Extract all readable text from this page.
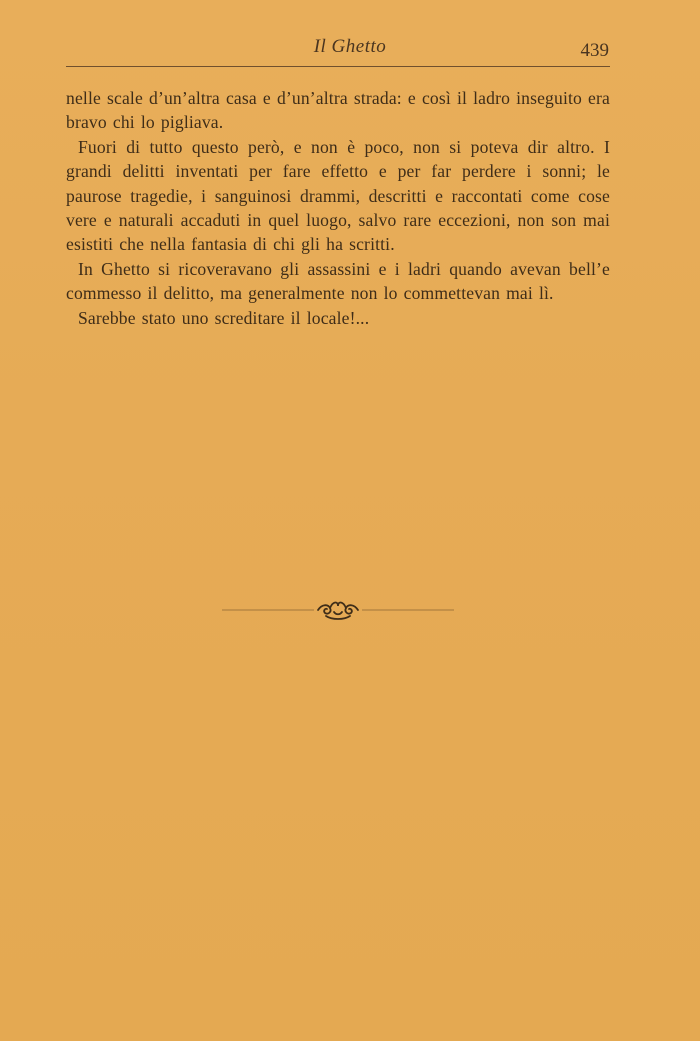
Il Ghetto	439

nelle scale d’un’altra casa e d’un’altra strada: e così il ladro inseguito era bravo chi lo pigliava.

Fuori di tutto questo però, e non è poco, non si poteva dir altro. I grandi delitti inventati per fare effetto e per far perdere i sonni; le paurose tragedie, i sanguinosi drammi, descritti e raccontati come cose vere e naturali accaduti in quel luogo, salvo rare eccezioni, non son mai esistiti che nella fantasia di chi gli ha scritti.

In Ghetto si ricoveravano gli assassini e i ladri quando avevan bell’e commesso il delitto, ma generalmente non lo commettevan mai lì.

Sarebbe stato uno screditare il locale!...
